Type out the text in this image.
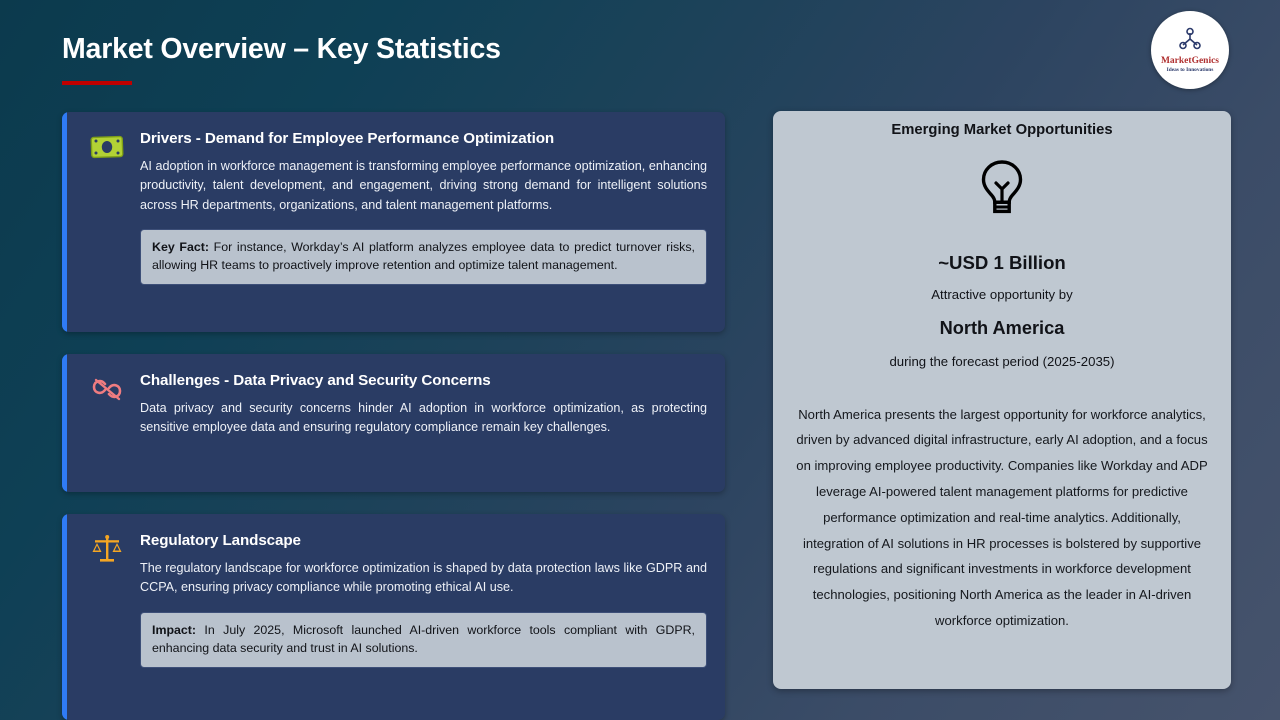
Market Overview – Key Statistics	MarketGenics
Ideas to Innovations
Drivers - Demand for Employee Performance Optimization

AI adoption in workforce management is transforming employee performance optimization, enhancing productivity, talent development, and engagement, driving strong demand for intelligent solutions across HR departments, organizations, and talent management platforms.

Key Fact: For instance, Workday’s AI platform analyzes employee data to predict turnover risks, allowing HR teams to proactively improve retention and optimize talent management.
Challenges - Data Privacy and Security Concerns

Data privacy and security concerns hinder AI adoption in workforce optimization, as protecting sensitive employee data and ensuring regulatory compliance remain key challenges.

Regulatory Landscape

The regulatory landscape for workforce optimization is shaped by data protection laws like GDPR and CCPA, ensuring privacy compliance while promoting ethical AI use.

Impact: In July 2025, Microsoft launched AI-driven workforce tools compliant with GDPR, enhancing data security and trust in AI solutions.
Emerging Market Opportunities
~USD 1 Billion
Attractive opportunity by
North America
during the forecast period (2025-2035)
North America presents the largest opportunity for workforce analytics, driven by advanced digital infrastructure, early AI adoption, and a focus on improving employee productivity. Companies like Workday and ADP leverage AI-powered talent management platforms for predictive performance optimization and real-time analytics. Additionally, integration of AI solutions in HR processes is bolstered by supportive regulations and significant investments in workforce development technologies, positioning North America as the leader in AI-driven workforce optimization.
